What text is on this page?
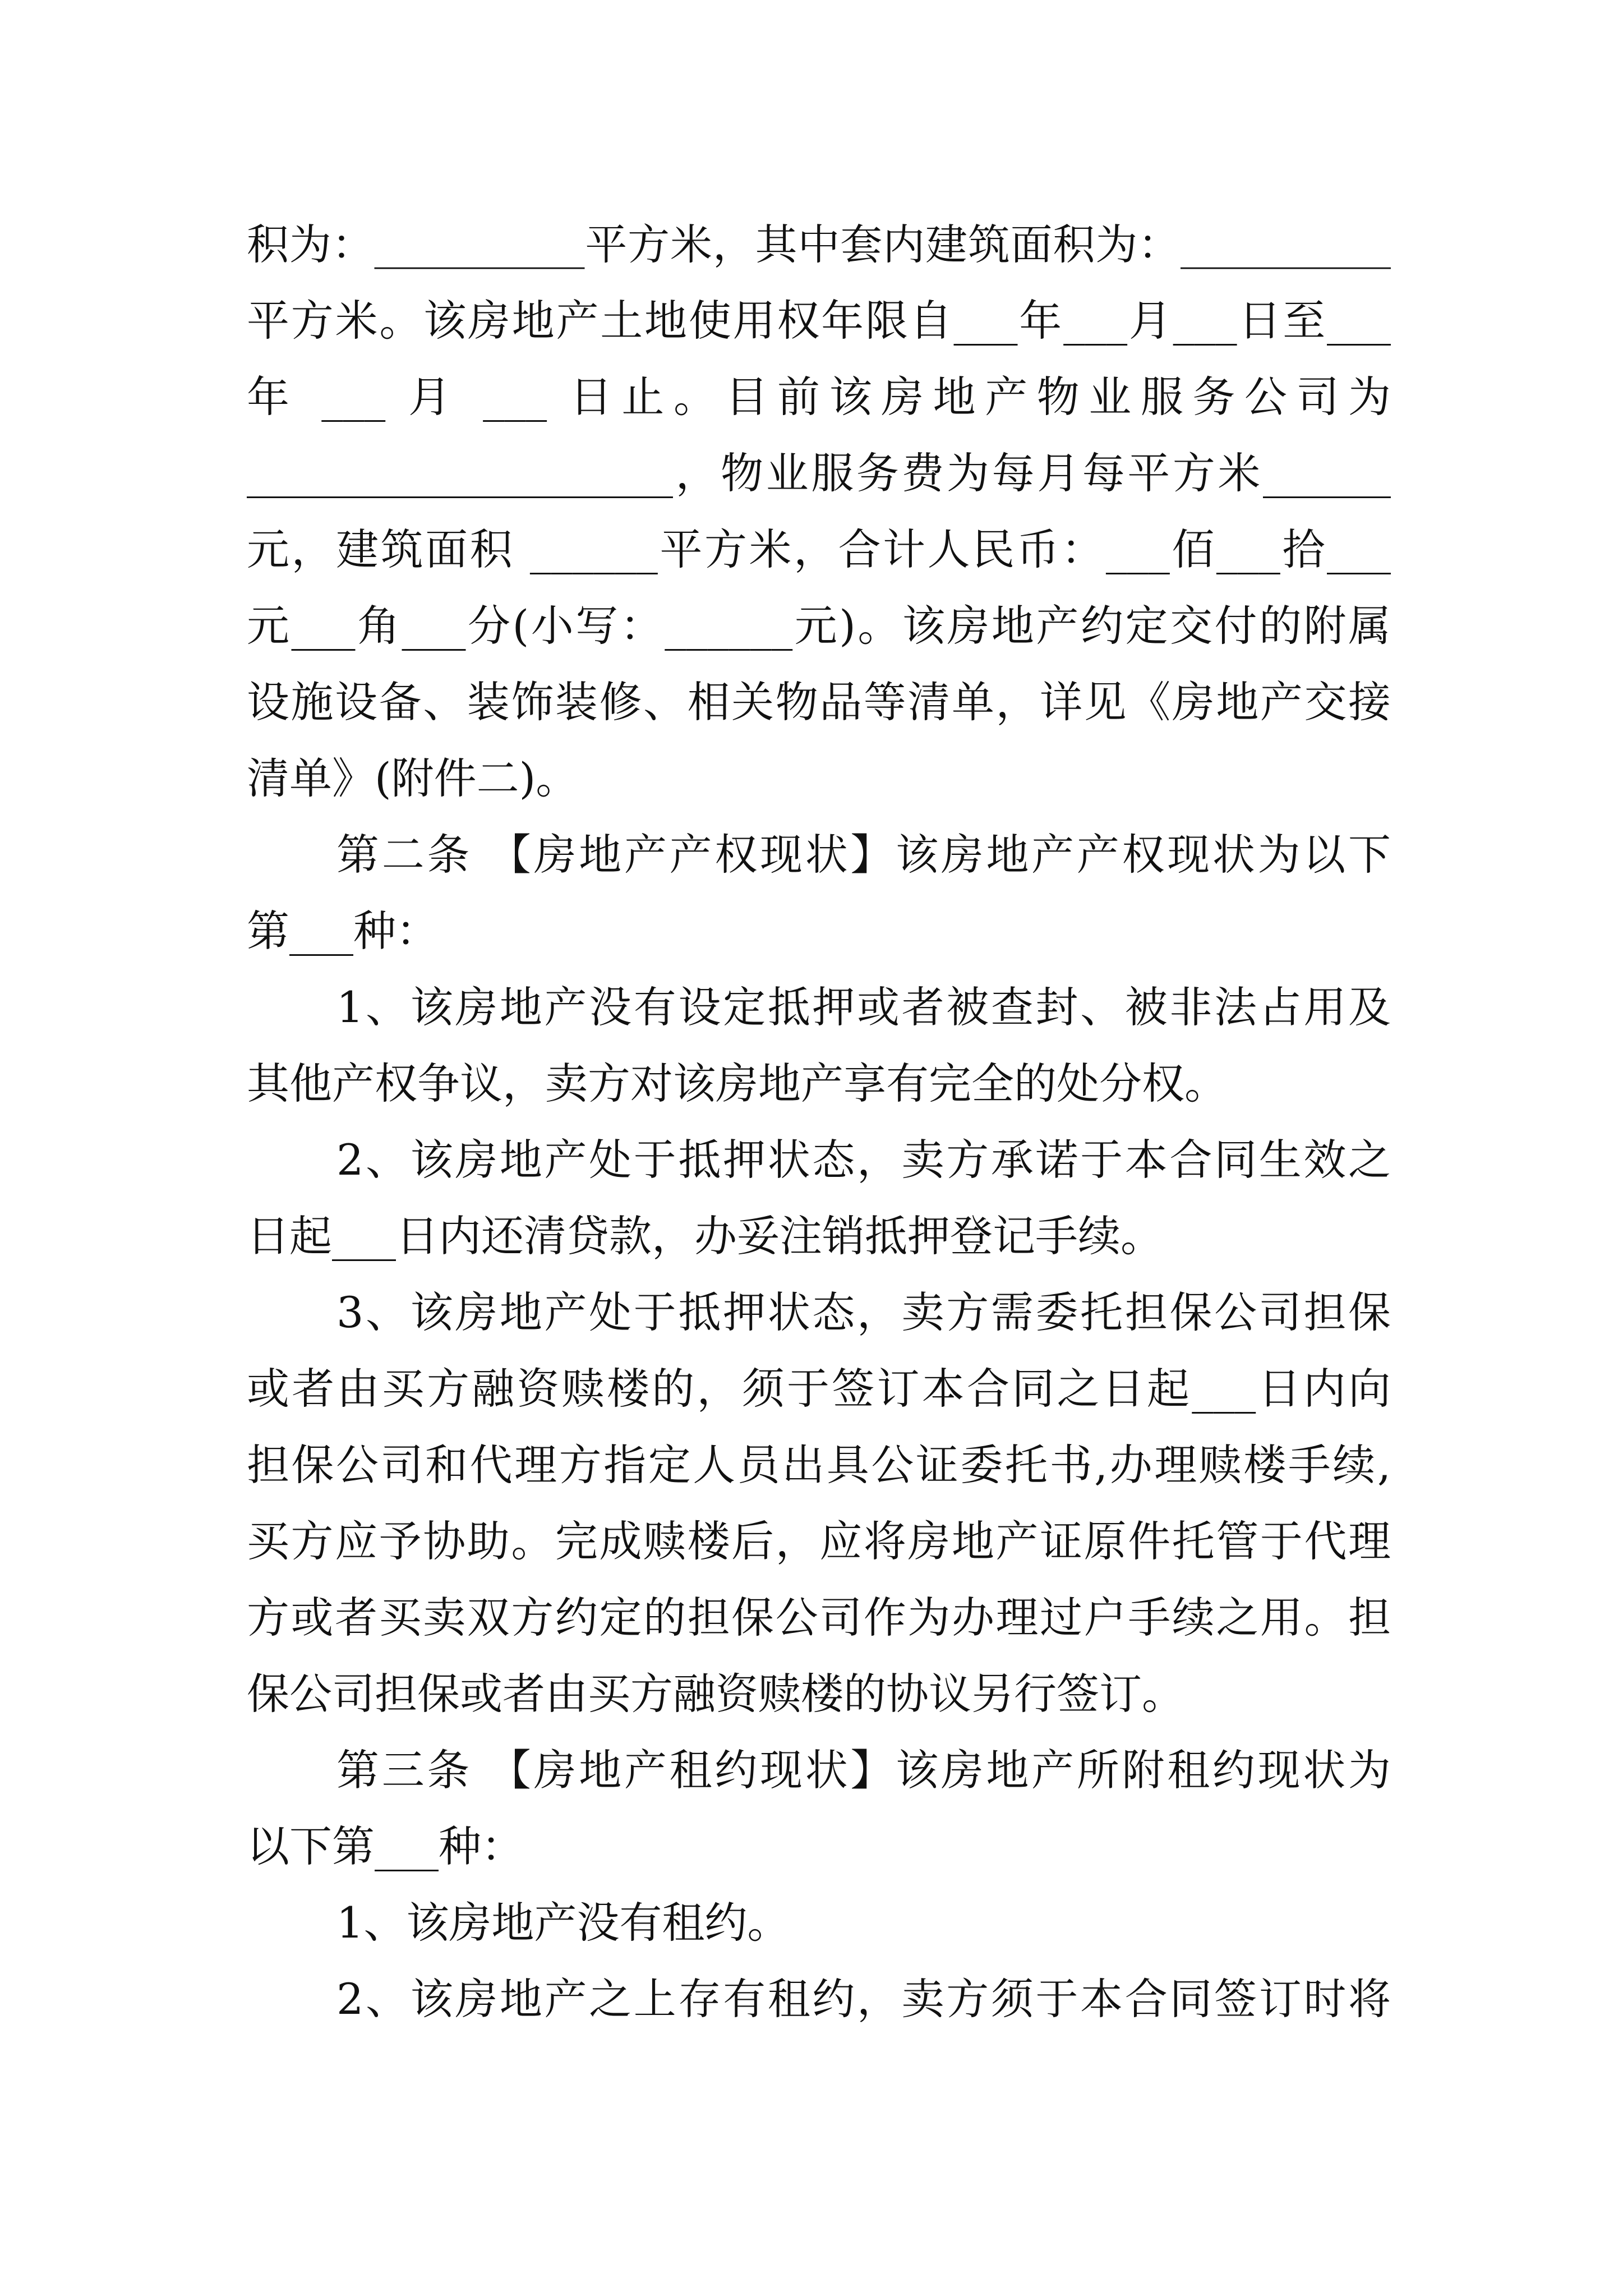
积为：__________平方米，其中套内建筑面积为：__________
平方米。该房地产土地使用权年限自___年___月___日至___
年 ___ 月 ___ 日止。目前该房地产物业服务公司为
____________________，物业服务费为每月每平方米______
元，建筑面积 ______平方米，合计人民币：___佰___拾___
元___角___分(小写：______元)。该房地产约定交付的附属
设施设备、装饰装修、相关物品等清单，详见《房地产交接
清单》(附件二)。
第二条 【房地产产权现状】该房地产产权现状为以下
第___种：
1、该房地产没有设定抵押或者被查封、被非法占用及
其他产权争议，卖方对该房地产享有完全的处分权。
2、该房地产处于抵押状态，卖方承诺于本合同生效之
日起___日内还清贷款，办妥注销抵押登记手续。
3、该房地产处于抵押状态，卖方需委托担保公司担保
或者由买方融资赎楼的，须于签订本合同之日起___日内向
担保公司和代理方指定人员出具公证委托书,办理赎楼手续,
买方应予协助。完成赎楼后，应将房地产证原件托管于代理
方或者买卖双方约定的担保公司作为办理过户手续之用。担
保公司担保或者由买方融资赎楼的协议另行签订。
第三条 【房地产租约现状】该房地产所附租约现状为
以下第___种：
1、该房地产没有租约。
2、该房地产之上存有租约，卖方须于本合同签订时将
